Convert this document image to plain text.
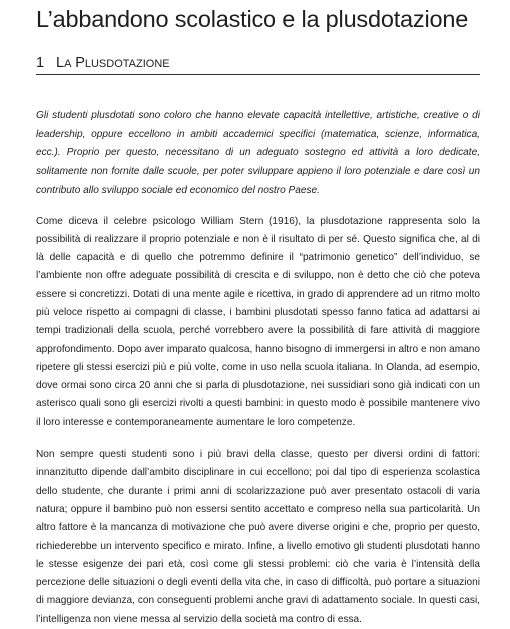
L’abbandono scolastico e la plusdotazione
1 LA PLUSDOTAZIONE

Gli studenti plusdotati sono coloro che hanno elevate capacità intellettive, artistiche, creative o di leadership, oppure eccellono in ambiti accademici specifici (matematica, scienze, informatica, ecc.). Proprio per questo, necessitano di un adeguato sostegno ed attività a loro dedicate, solitamente non fornite dalle scuole, per poter sviluppare appieno il loro potenziale e dare così un contributo allo sviluppo sociale ed economico del nostro Paese.

Come diceva il celebre psicologo William Stern (1916), la plusdotazione rappresenta solo la possibilità di realizzare il proprio potenziale e non è il risultato di per sé. Questo significa che, al di là delle capacità e di quello che potremmo definire il “patrimonio genetico” dell’individuo, se l’ambiente non offre adeguate possibilità di crescita e di sviluppo, non è detto che ciò che poteva essere si concretizzi. Dotati di una mente agile e ricettiva, in grado di apprendere ad un ritmo molto più veloce rispetto ai compagni di classe, i bambini plusdotati spesso fanno fatica ad adattarsi ai tempi tradizionali della scuola, perché vorrebbero avere la possibilità di fare attività di maggiore approfondimento. Dopo aver imparato qualcosa, hanno bisogno di immergersi in altro e non amano ripetere gli stessi esercizi più e più volte, come in uso nella scuola italiana. In Olanda, ad esempio, dove ormai sono circa 20 anni che si parla di plusdotazione, nei sussidiari sono già indicati con un asterisco quali sono gli esercizi rivolti a questi bambini: in questo modo è possibile mantenere vivo il loro interesse e contemporaneamente aumentare le loro competenze.

Non sempre questi studenti sono i più bravi della classe, questo per diversi ordini di fattori: innanzitutto dipende dall’ambito disciplinare in cui eccellono; poi dal tipo di esperienza scolastica dello studente, che durante i primi anni di scolarizzazione può aver presentato ostacoli di varia natura; oppure il bambino può non essersi sentito accettato e compreso nella sua particolarità. Un altro fattore è la mancanza di motivazione che può avere diverse origini e che, proprio per questo, richiederebbe un intervento specifico e mirato. Infine, a livello emotivo gli studenti plusdotati hanno le stesse esigenze dei pari età, così come gli stessi problemi: ciò che varia è l’intensità della percezione delle situazioni o degli eventi della vita che, in caso di difficoltà, può portare a situazioni di maggiore devianza, con conseguenti problemi anche gravi di adattamento sociale. In questi casi, l’intelligenza non viene messa al servizio della società ma contro di essa.
